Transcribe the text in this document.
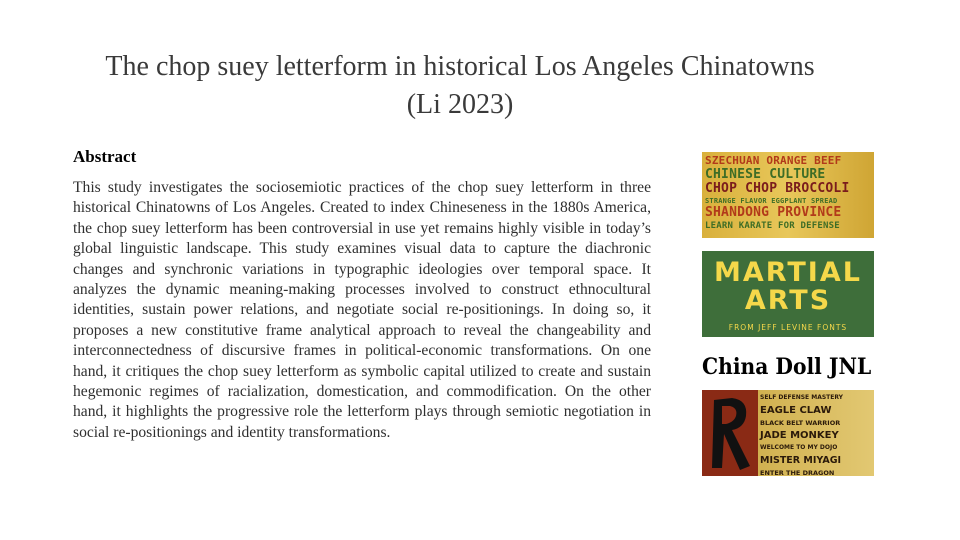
The chop suey letterform in historical Los Angeles Chinatowns
(Li 2023)
Abstract
This study investigates the sociosemiotic practices of the chop suey letterform in three historical Chinatowns of Los Angeles. Created to index Chineseness in the 1880s America, the chop suey letterform has been controversial in use yet remains highly visible in today’s global linguistic landscape. This study examines visual data to capture the diachronic changes and synchronic variations in typographic ideologies over temporal space. It analyzes the dynamic meaning-making processes involved to construct ethnocultural identities, sustain power relations, and negotiate social re-positionings. In doing so, it proposes a new constitutive frame analytical approach to reveal the changeability and interconnectedness of discursive frames in political-economic transformations. On one hand, it critiques the chop suey letterform as symbolic capital utilized to create and sustain hegemonic regimes of racialization, domestication, and commodification. On the other hand, it highlights the progressive role the letterform plays through semiotic negotiation in social re-positionings and identity transformations.
SZECHUAN ORANGE BEEF
CHINESE CULTURE
CHOP CHOP BROCCOLI
STRANGE FLAVOR EGGPLANT SPREAD
SHANDONG PROVINCE
LEARN KARATE FOR DEFENSE
MARTIAL
ARTS
FROM JEFF LEVINE FONTS
China Doll JNL
SELF DEFENSE MASTERY
EAGLE CLAW
BLACK BELT WARRIOR
JADE MONKEY
WELCOME TO MY DOJO
MISTER MIYAGI
ENTER THE DRAGON
